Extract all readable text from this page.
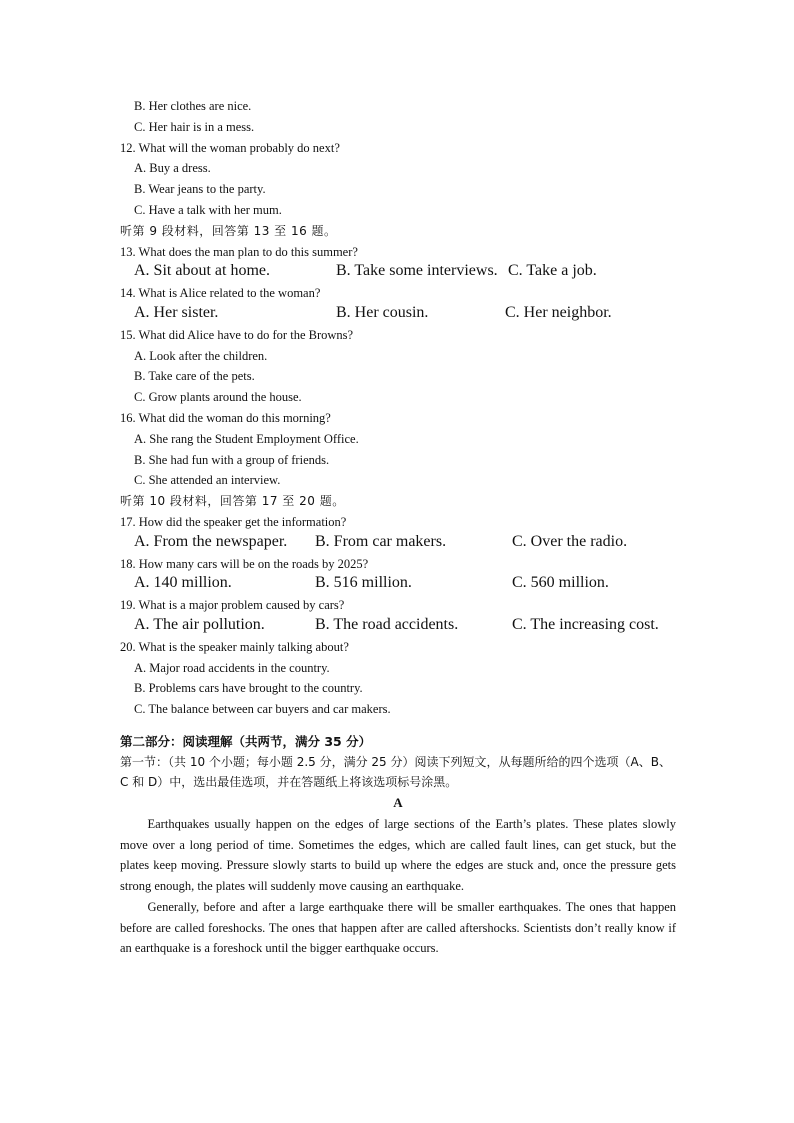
B. Her clothes are nice.
C. Her hair is in a mess.
12. What will the woman probably do next?
A. Buy a dress.
B. Wear jeans to the party.
C. Have a talk with her mum.
听第 9 段材料，回答第 13 至 16 题。
13. What does the man plan to do this summer?
A. Sit about at home.	B. Take some interviews. C. Take a job.
14. What is Alice related to the woman?
A. Her sister.	B. Her cousin.	C. Her neighbor.
15. What did Alice have to do for the Browns?
A. Look after the children.
B. Take care of the pets.
C. Grow plants around the house.
16. What did the woman do this morning?
A. She rang the Student Employment Office.
B. She had fun with a group of friends.
C. She attended an interview.
听第 10 段材料，回答第 17 至 20 题。
17. How did the speaker get the information?
A. From the newspaper. B. From car makers.	C. Over the radio.
18. How many cars will be on the roads by 2025?
A. 140 million.	B. 516 million.	C. 560 million.
19. What is a major problem caused by cars?
A. The air pollution.	B. The road accidents.	C. The increasing cost.
20. What is the speaker mainly talking about?
A. Major road accidents in the country.
B. Problems cars have brought to the country.
C. The balance between car buyers and car makers.
第二部分：阅读理解（共两节，满分 35 分）
第一节：（共 10 个小题；每小题 2.5 分，满分 25 分）阅读下列短文，从每题所给的四个选项（A、B、C 和 D）中，选出最佳选项，并在答题纸上将该选项标号涂黑。
A

Earthquakes usually happen on the edges of large sections of the Earth’s plates. These plates slowly move over a long period of time. Sometimes the edges, which are called fault lines, can get stuck, but the plates keep moving. Pressure slowly starts to build up where the edges are stuck and, once the pressure gets strong enough, the plates will suddenly move causing an earthquake.

Generally, before and after a large earthquake there will be smaller earthquakes. The ones that happen before are called foreshocks. The ones that happen after are called aftershocks. Scientists don’t really know if an earthquake is a foreshock until the bigger earthquake occurs.
